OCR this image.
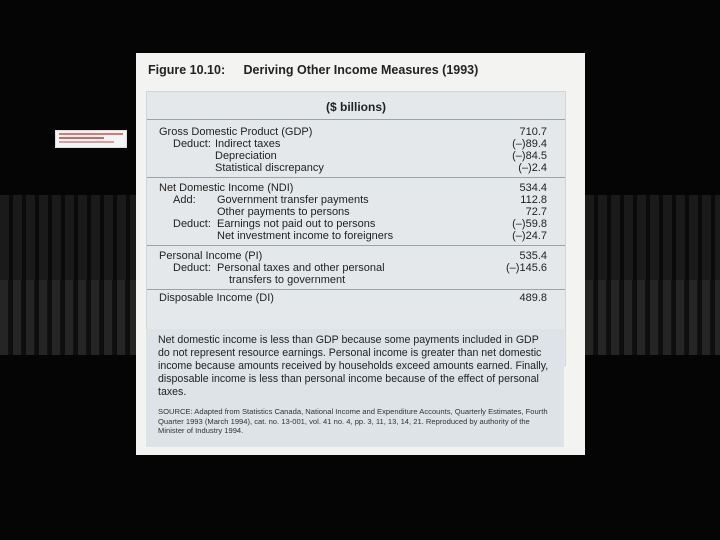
Figure 10.10: Deriving Other Income Measures (1993)
($ billions)
Gross Domestic Product (GDP)	710.7
Deduct: Indirect taxes	(–)89.4
Depreciation	(–)84.5
Statistical discrepancy	(–)2.4
Net Domestic Income (NDI)	534.4
Add: Government transfer payments	112.8
Other payments to persons	72.7
Deduct: Earnings not paid out to persons	(–)59.8
Net investment income to foreigners	(–)24.7
Personal Income (PI)	535.4
Deduct: Personal taxes and other personal	(–)145.6
transfers to government
Disposable Income (DI)	489.8
Net domestic income is less than GDP because some payments included in GDP do not represent resource earnings. Personal income is greater than net domestic income because amounts received by households exceed amounts earned. Finally, disposable income is less than personal income because of the effect of personal taxes.
SOURCE: Adapted from Statistics Canada, National Income and Expenditure Accounts, Quarterly Estimates, Fourth Quarter 1993 (March 1994), cat. no. 13-001, vol. 41 no. 4, pp. 3, 11, 13, 14, 21. Reproduced by authority of the Minister of Industry 1994.
